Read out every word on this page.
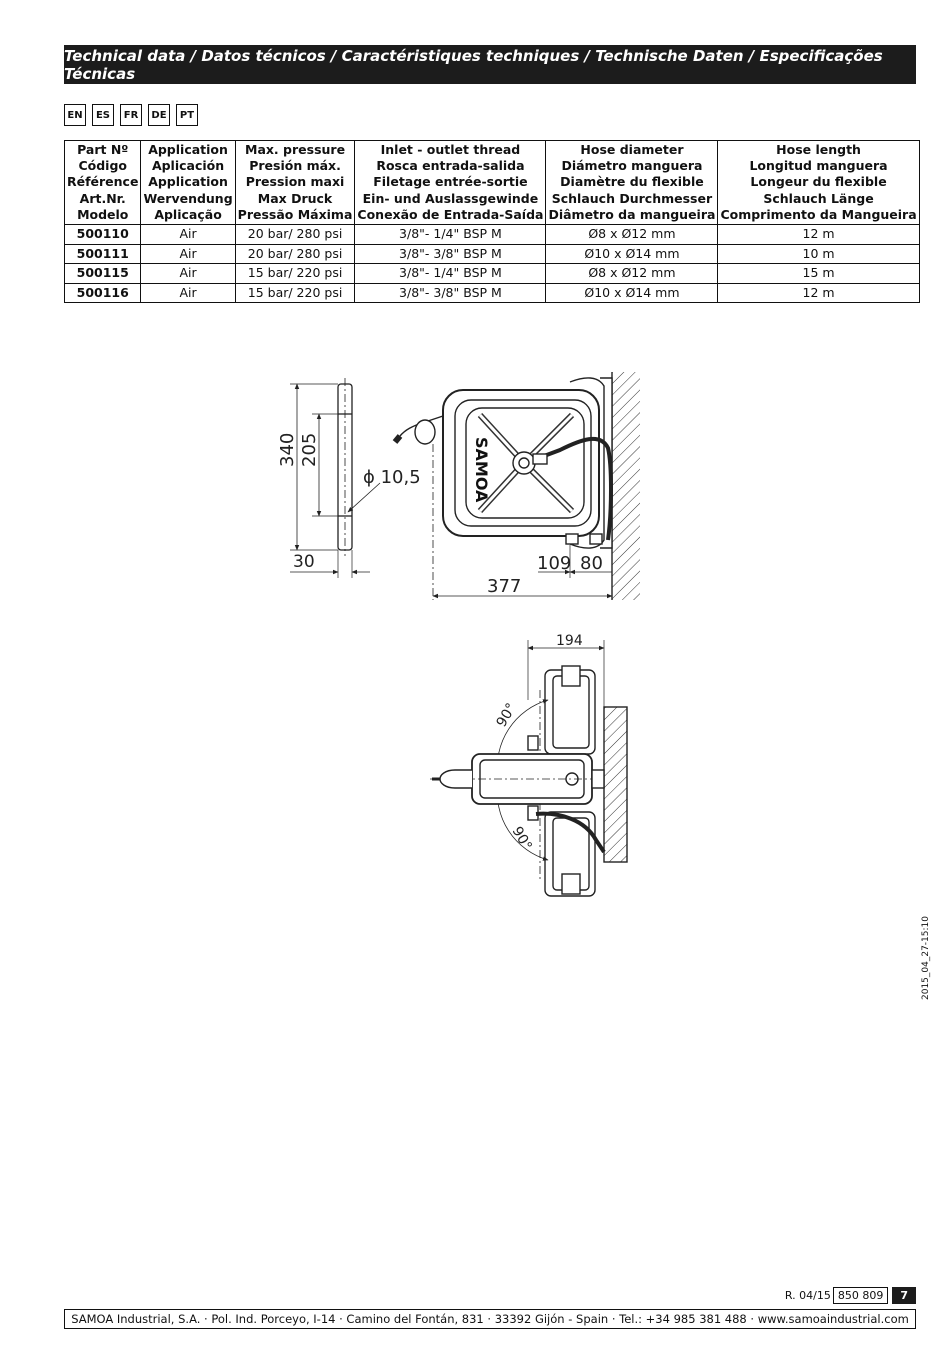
Technical data / Datos técnicos / Caractéristiques techniques / Technische Daten / Especificações Técnicas
EN	ES	FR	DE	PT
Part Nº
Código
Référence
Art.Nr.
Modelo	Application
Aplicación
Application
Wervendung
Aplicação	Max. pressure
Presión máx.
Pression maxi
Max Druck
Pressão Máxima	Inlet - outlet thread
Rosca entrada-salida
Filetage entrée-sortie
Ein- und Auslassgewinde
Conexão de Entrada-Saída	Hose diameter
Diámetro manguera
Diamètre du flexible
Schlauch Durchmesser
Diâmetro da mangueira	Hose length
Longitud manguera
Longeur du flexible
Schlauch Länge
Comprimento da Mangueira

500110	Air	20 bar/ 280 psi	3/8"- 1/4" BSP M	Ø8 x Ø12 mm	12 m
500111	Air	20 bar/ 280 psi	3/8"- 3/8" BSP M	Ø10 x Ø14 mm	10 m
500115	Air	15 bar/ 220 psi	3/8"- 1/4" BSP M	Ø8 x Ø12 mm	15 m
500116	Air	15 bar/ 220 psi	3/8"- 3/8" BSP M	Ø10 x Ø14 mm	12 m
340 205
ϕ 10,5
30
SAMOA
109 80
377
194
90°
90°
R. 04/15 850 809	7
SAMOA Industrial, S.A. · Pol. Ind. Porceyo, I-14 · Camino del Fontán, 831 · 33392 Gijón - Spain · Tel.: +34 985 381 488 · www.samoaindustrial.com
2015_04_27-15:10
